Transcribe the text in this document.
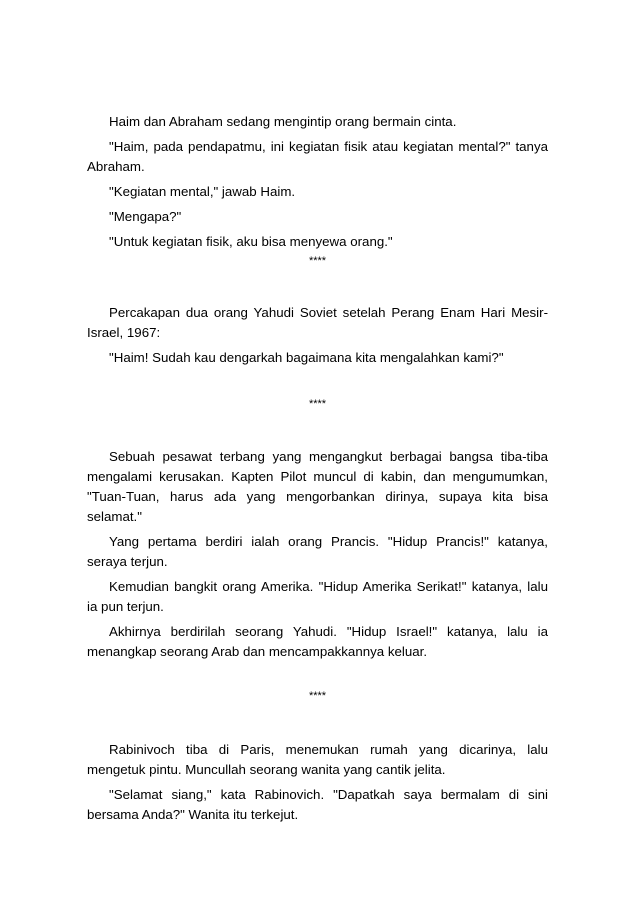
Haim dan Abraham sedang mengintip orang bermain cinta.

"Haim, pada pendapatmu, ini kegiatan fisik atau kegiatan mental?" tanya Abraham.

"Kegiatan mental," jawab Haim.

"Mengapa?"

"Untuk kegiatan fisik, aku bisa menyewa orang."

****

Percakapan dua orang Yahudi Soviet setelah Perang Enam Hari Mesir-Israel, 1967:

"Haim! Sudah kau dengarkah bagaimana kita mengalahkan kami?"

****

Sebuah pesawat terbang yang mengangkut berbagai bangsa tiba-tiba mengalami kerusakan. Kapten Pilot muncul di kabin, dan mengumumkan, "Tuan-Tuan, harus ada yang mengorbankan dirinya, supaya kita bisa selamat."

Yang pertama berdiri ialah orang Prancis. "Hidup Prancis!" katanya, seraya terjun.

Kemudian bangkit orang Amerika. "Hidup Amerika Serikat!" katanya, lalu ia pun terjun.

Akhirnya berdirilah seorang Yahudi. "Hidup Israel!" katanya, lalu ia menangkap seorang Arab dan mencampakkannya keluar.

****

Rabinivoch tiba di Paris, menemukan rumah yang dicarinya, lalu mengetuk pintu. Muncullah seorang wanita yang cantik jelita.

"Selamat siang," kata Rabinovich. "Dapatkah saya bermalam di sini bersama Anda?" Wanita itu terkejut.
